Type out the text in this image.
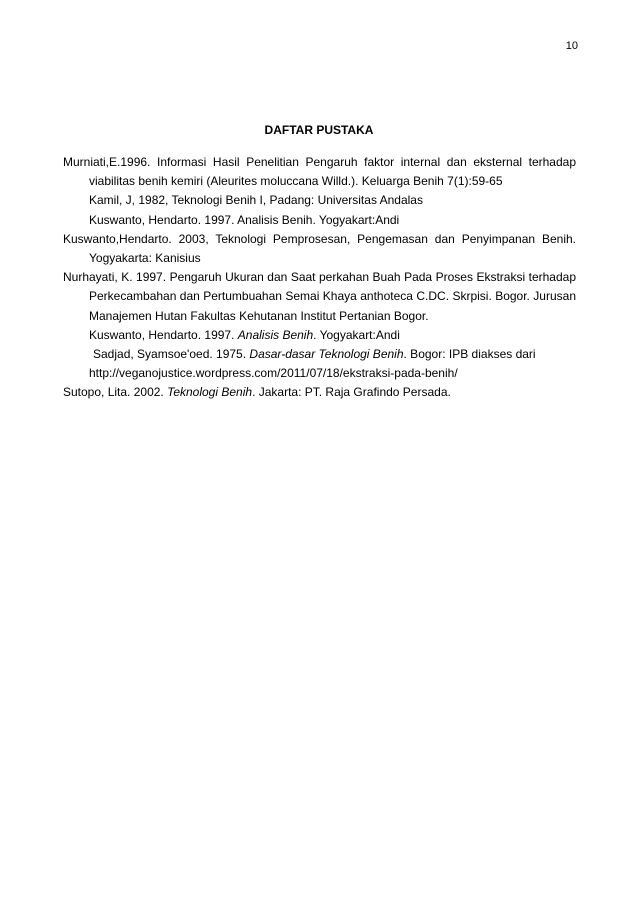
10
DAFTAR PUSTAKA
Murniati,E.1996. Informasi Hasil Penelitian Pengaruh faktor internal dan eksternal terhadap viabilitas benih kemiri (Aleurites moluccana Willd.). Keluarga Benih 7(1):59-65
Kamil, J, 1982, Teknologi Benih I, Padang: Universitas Andalas
Kuswanto, Hendarto. 1997. Analisis Benih. Yogyakart:Andi
Kuswanto,Hendarto. 2003, Teknologi Pemprosesan, Pengemasan dan Penyimpanan Benih. Yogyakarta: Kanisius
Nurhayati, K. 1997. Pengaruh Ukuran dan Saat perkahan Buah Pada Proses Ekstraksi terhadap Perkecambahan dan Pertumbuahan Semai Khaya anthoteca C.DC. Skrpisi. Bogor. Jurusan Manajemen Hutan Fakultas Kehutanan Institut Pertanian Bogor.
Kuswanto, Hendarto. 1997. Analisis Benih. Yogyakart:Andi
Sadjad, Syamsoe'oed. 1975. Dasar-dasar Teknologi Benih. Bogor: IPB diakses dari
http://veganojustice.wordpress.com/2011/07/18/ekstraksi-pada-benih/
Sutopo, Lita. 2002. Teknologi Benih. Jakarta: PT. Raja Grafindo Persada.
